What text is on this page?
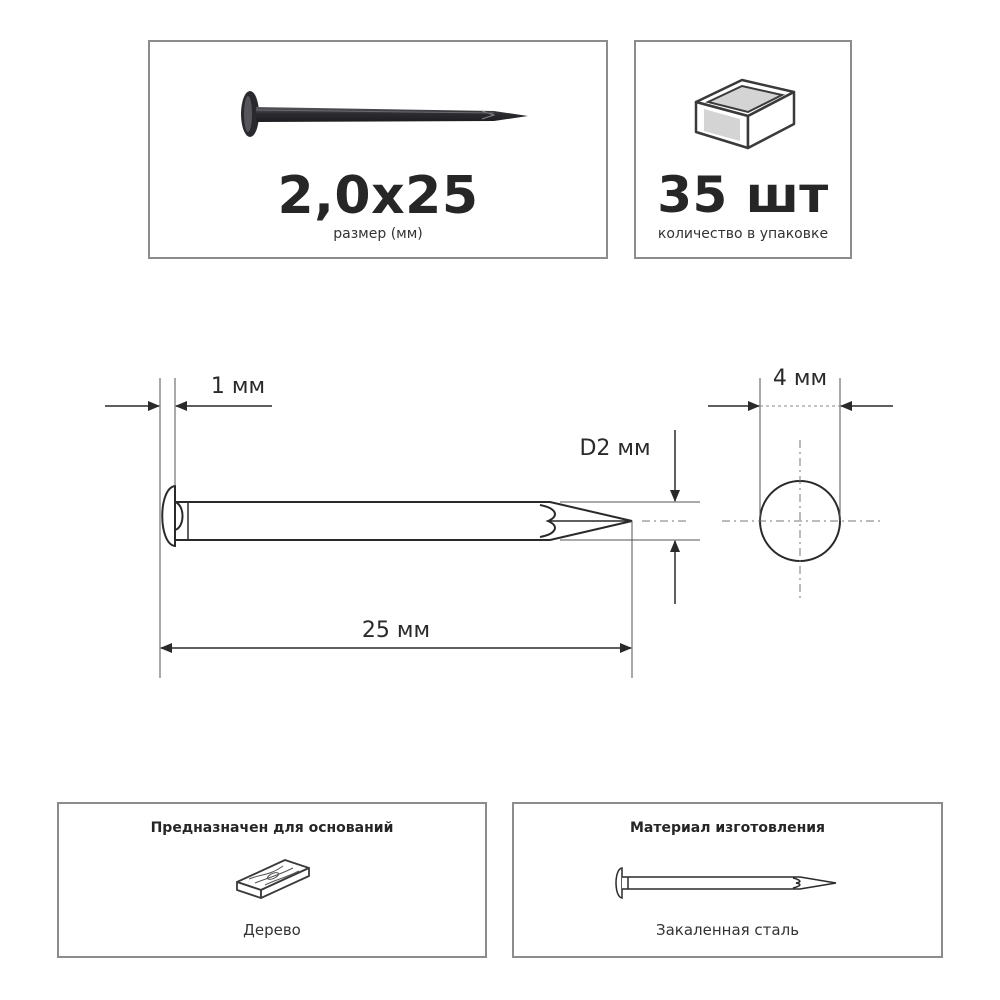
2,0x25
размер (мм)
35 шт
количество в упаковке
1 мм
D2 мм
25 мм
4 мм
Предназначен для оснований
Дерево
Материал изготовления
Закаленная сталь
